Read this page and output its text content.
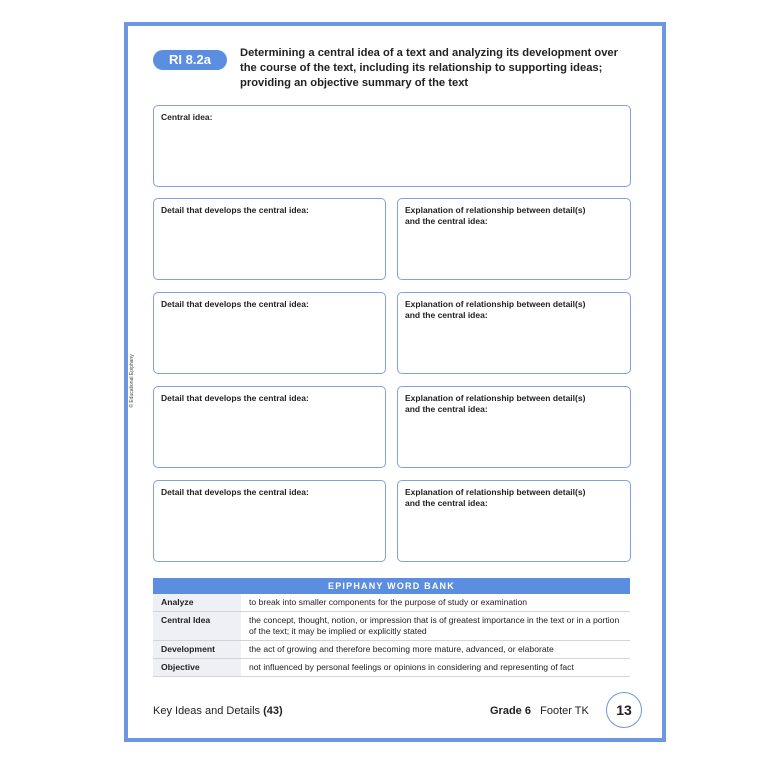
© Educational Epiphany
RI 8.2a	Determining a central idea of a text and analyzing its development over the course of the text, including its relationship to supporting ideas; providing an objective summary of the text
Central idea:
Detail that develops the central idea:	Explanation of relationship between detail(s) and the central idea:
Detail that develops the central idea:	Explanation of relationship between detail(s) and the central idea:
Detail that develops the central idea:	Explanation of relationship between detail(s) and the central idea:
Detail that develops the central idea:	Explanation of relationship between detail(s) and the central idea:
EPIPHANY WORD BANK
Analyze	to break into smaller components for the purpose of study or examination
Central Idea	the concept, thought, notion, or impression that is of greatest importance in the text or in a portion of the text; it may be implied or explicitly stated
Development	the act of growing and therefore becoming more mature, advanced, or elaborate
Objective	not influenced by personal feelings or opinions in considering and representing of fact
Key Ideas and Details (43)	Grade 6 Footer TK	13
